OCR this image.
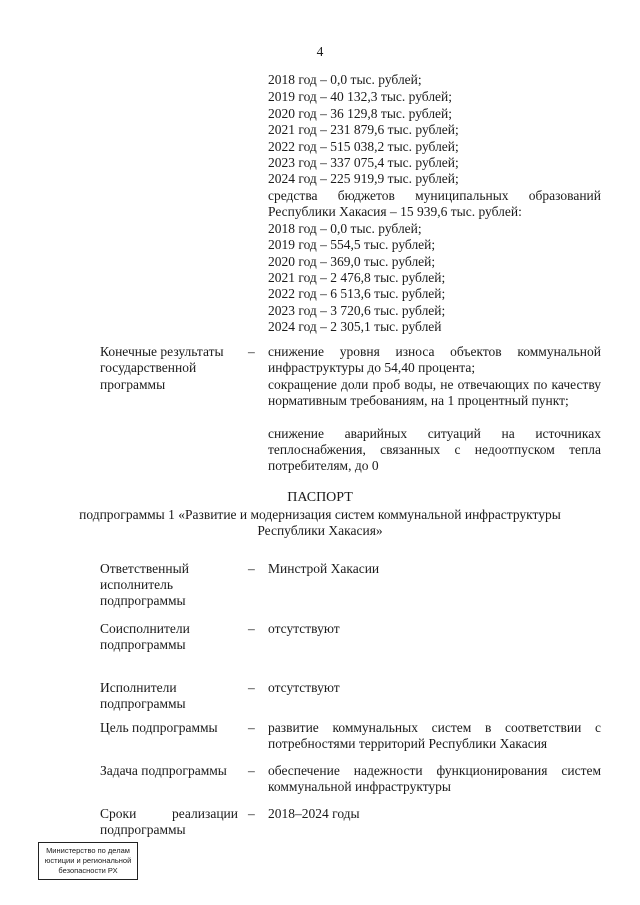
4
2018 год – 0,0 тыс. рублей;
2019 год – 40 132,3 тыс. рублей;
2020 год – 36 129,8 тыс. рублей;
2021 год – 231 879,6 тыс. рублей;
2022 год – 515 038,2 тыс. рублей;
2023 год – 337 075,4 тыс. рублей;
2024 год – 225 919,9 тыс. рублей;
средства бюджетов муниципальных образований
Республики Хакасия – 15 939,6 тыс. рублей:
2018 год – 0,0 тыс. рублей;
2019 год – 554,5 тыс. рублей;
2020 год – 369,0 тыс. рублей;
2021 год – 2 476,8 тыс. рублей;
2022 год – 6 513,6 тыс. рублей;
2023 год – 3 720,6 тыс. рублей;
2024 год – 2 305,1 тыс. рублей
Конечные результаты
государственной
программы
– снижение уровня износа объектов коммунальной инфраструктуры до 54,40 процента;
сокращение доли проб воды, не отвечающих по качеству нормативным требованиям, на 1 процентный пункт;
снижение аварийных ситуаций на источниках теплоснабжения, связанных с недоотпуском тепла потребителям, до 0
ПАСПОРТ
подпрограммы 1 «Развитие и модернизация систем коммунальной инфраструктуры
Республики Хакасия»
Ответственный
исполнитель
подпрограммы
– Минстрой Хакасии
Соисполнители
подпрограммы
– отсутствуют
Исполнители
подпрограммы
– отсутствуют
Цель подпрограммы – развитие коммунальных систем в соответствии с потребностями территорий Республики Хакасия
Задача подпрограммы – обеспечение надежности функционирования систем коммунальной инфраструктуры
Сроки	реализации
подпрограммы
– 2018–2024 годы
Министерство по делам
юстиции и региональной
безопасности РХ
